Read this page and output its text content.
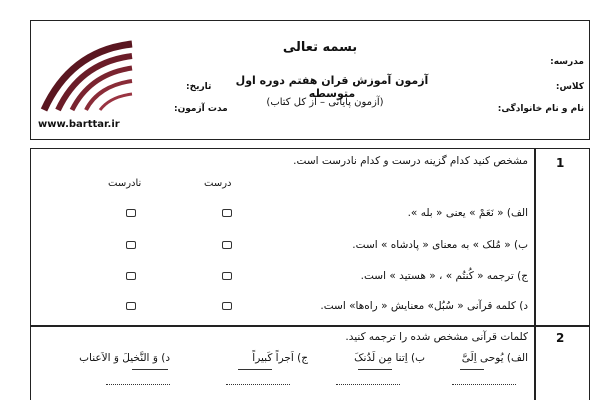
www.barttar.ir
بسمه تعالی
آزمون آموزش قران هفتم دوره اول متوسطه
(آزمون پایانی – از کل کتاب)
مدرسه:
کلاس:
نام و نام خانوادگی:
تاریخ:
مدت آزمون:
1
مشخص کنید کدام گزینه درست و کدام نادرست است.
درست
نادرست
الف) « نَعَمْ » یعنی « بله ».
ب) « مُلک » به معنای « پادشاه » است.
ج) ترجمه « کُنتُم » ، « هستید » است.
د) کلمه قرآنی « سُبُل» معنایش « راه‌ها» است.
2
کلمات قرآنی مشخص شده را ترجمه کنید.
الف) یُوحی اِلَیَّ
ب) اِتنا مِن لَدُنکَ
ج) اَجراً کَبیراً
د) وَ النَّخیلَ وَ الاَعناب
